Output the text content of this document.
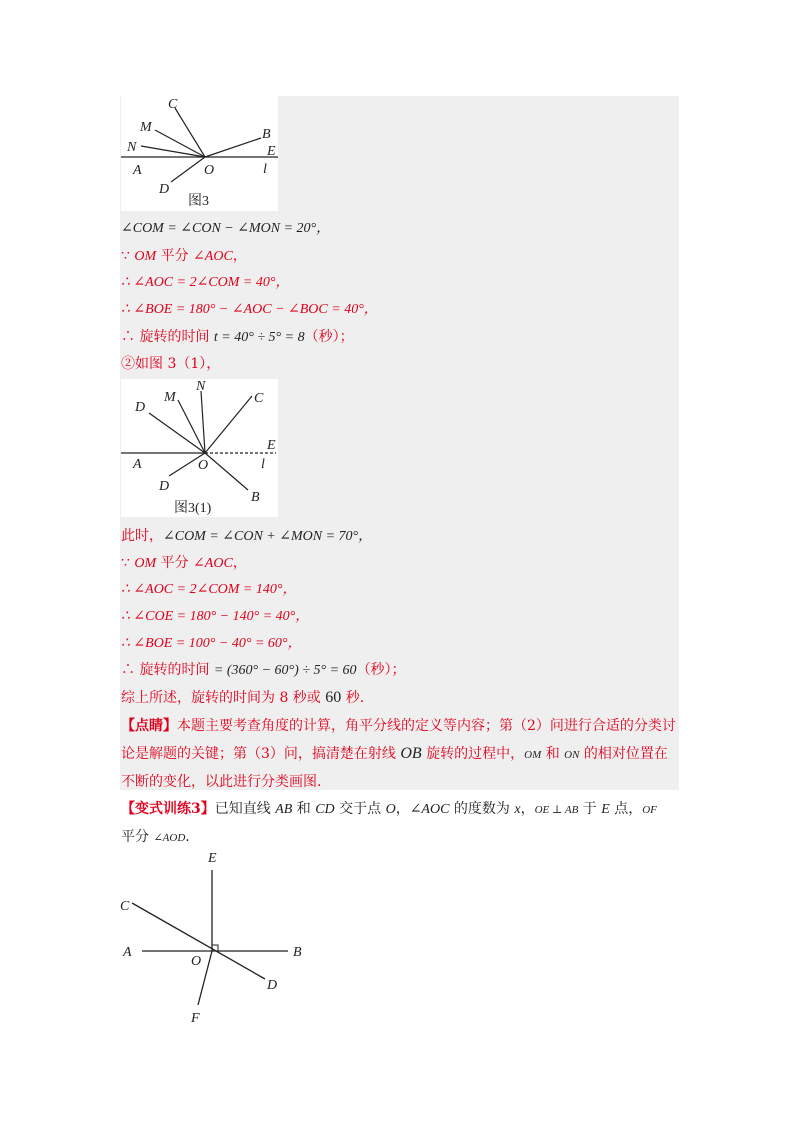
C
M
N
A	O
D
B
E
l
图3
∠COM = ∠CON − ∠MON = 20°，
∵ OM 平分 ∠AOC，
∴ ∠AOC = 2∠COM = 40°，
∴ ∠BOE = 180° − ∠AOC − ∠BOC = 40°，
∴ 旋转的时间 t = 40° ÷ 5° = 8（秒）；
②如图 3（1），
D
M
N
C
E
A	O	l
D
B
图3(1)
此时，∠COM = ∠CON + ∠MON = 70°，
∵ OM 平分 ∠AOC，
∴ ∠AOC = 2∠COM = 140°，
∴ ∠COE = 180° − 140° = 40°，
∴ ∠BOE = 100° − 40° = 60°，
∴ 旋转的时间 = (360° − 60°) ÷ 5° = 60（秒）；
综上所述，旋转的时间为 8 秒或 60 秒.
【点睛】本题主要考查角度的计算，角平分线的定义等内容；第（2）问进行合适的分类讨论是解题的关键；第（3）问，搞清楚在射线 OB 旋转的过程中，OM 和 ON 的相对位置在不断的变化，以此进行分类画图.
【变式训练3】已知直线 AB 和 CD 交于点 O，∠AOC 的度数为 x，OE ⊥ AB 于 E 点，OF
平分 ∠AOD.
E
C
A
O
B
D
F
